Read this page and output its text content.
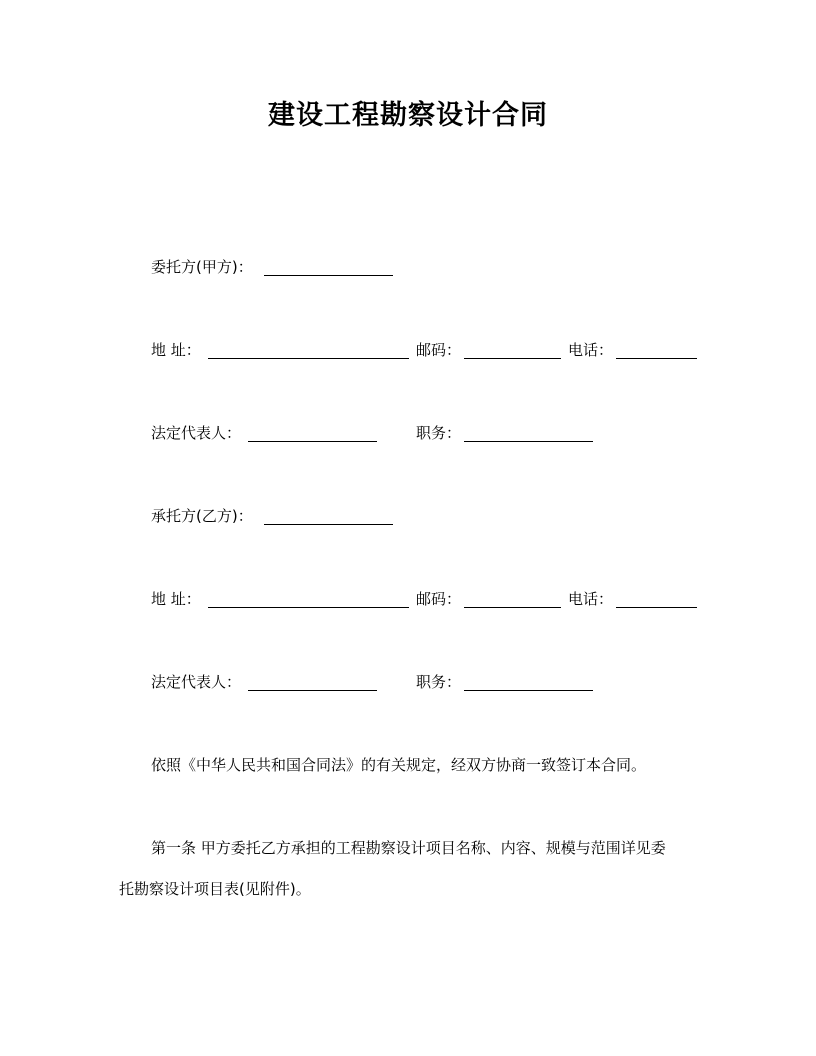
建设工程勘察设计合同
委托方(甲方)：
地 址：	邮码：	电话：
法定代表人：	职务：
承托方(乙方)：
地 址：	邮码：	电话：
法定代表人：	职务：
依照《中华人民共和国合同法》的有关规定，经双方协商一致签订本合同。
第一条 甲方委托乙方承担的工程勘察设计项目名称、内容、规模与范围详见委
托勘察设计项目表(见附件)。
